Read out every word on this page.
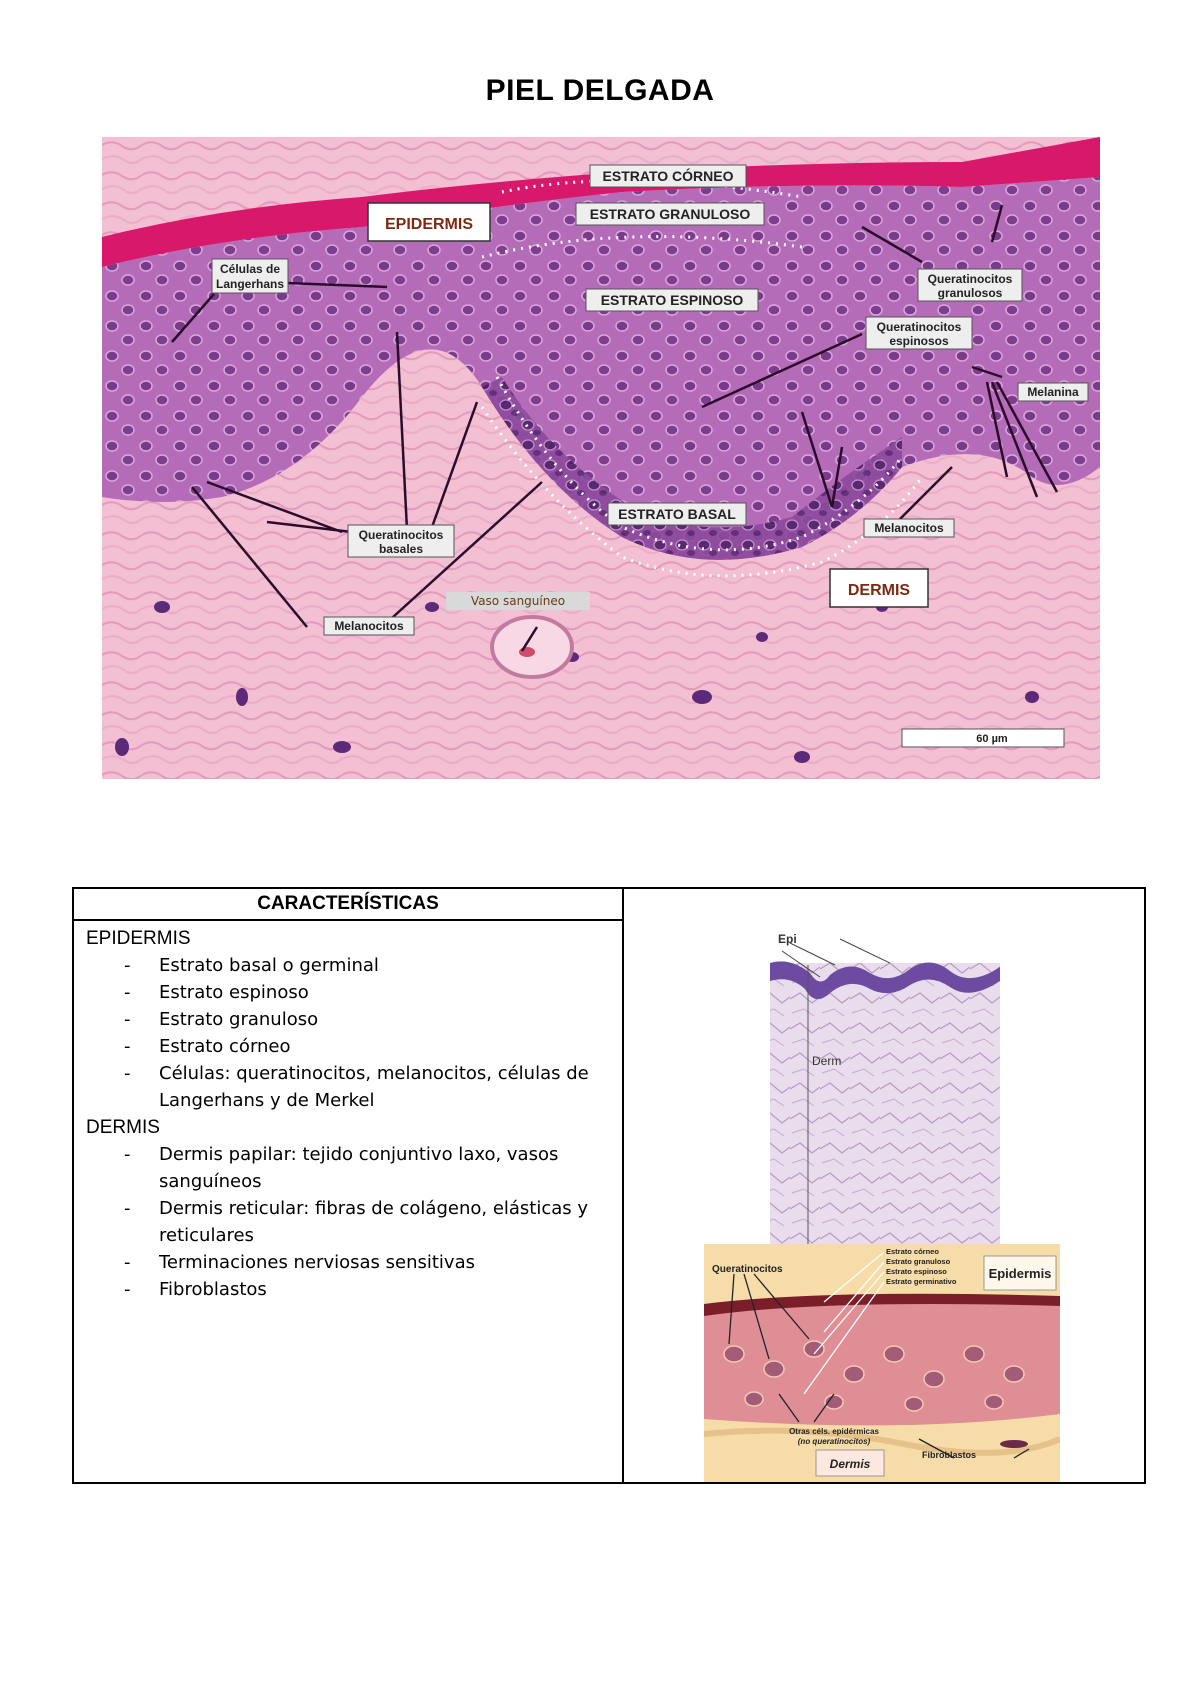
PIEL DELGADA
EPIDERMIS
DERMIS
ESTRATO CÓRNEO
ESTRATO GRANULOSO
ESTRATO ESPINOSO
ESTRATO BASAL
Células de
Langerhans	Queratinocitos
granulosos
Queratinocitos
espinosos
Melanina
Queratinocitos
basales
Melanocitos
Melanocitos
Vaso sanguíneo
60 µm
CARACTERÍSTICAS
EPIDERMIS
- Estrato basal o germinal
- Estrato espinoso
- Estrato granuloso
- Estrato córneo
- Células: queratinocitos, melanocitos, células de Langerhans y de Merkel
DERMIS
- Dermis papilar: tejido conjuntivo laxo, vasos sanguíneos
- Dermis reticular: fibras de colágeno, elásticas y reticulares
- Terminaciones nerviosas sensitivas
- Fibroblastos

Epi
Derm
Epidermis
Queratinocitos
Estrato córneo
Estrato granuloso
Estrato espinoso
Estrato germinativo
Otras céls. epidérmicas
(no queratinocitos)
Dermis
Fibroblastos
